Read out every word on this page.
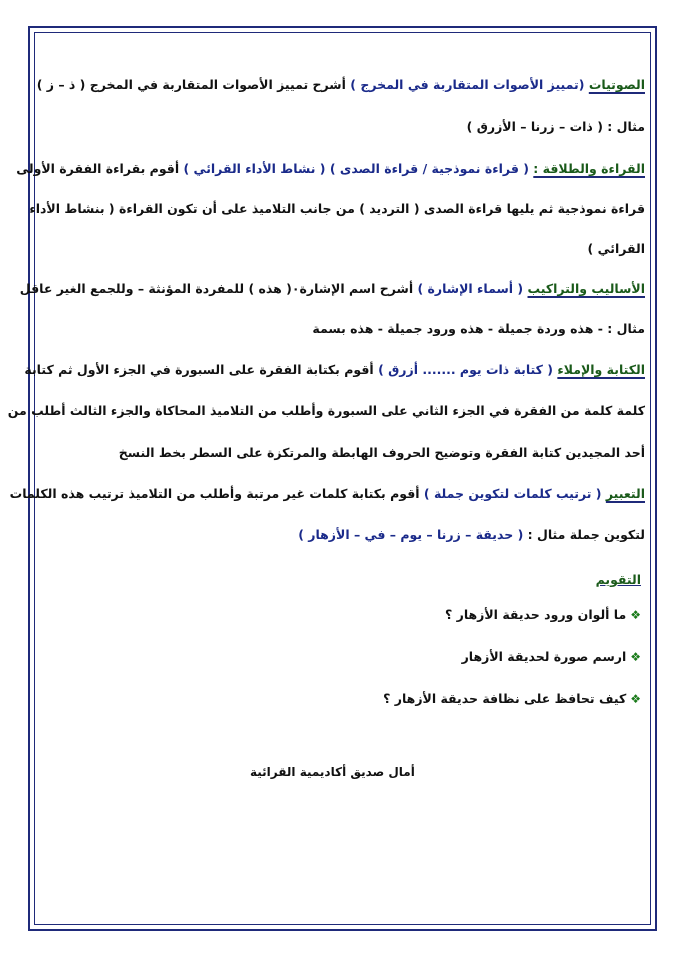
الصوتيات (تمييز الأصوات المتقاربة في المخرج ) أشرح تمييز الأصوات المتقاربة في المخرج ( ذ – ز )
مثال : ( ذات – زرنا – الأزرق )
القراءة والطلاقة : ( قراءة نموذجية / قراءة الصدى ) ( نشاط الأداء القرائي ) أقوم بقراءة الفقرة الأولى
قراءة نموذجية ثم يليها قراءة الصدى ( الترديد ) من جانب التلاميذ على أن تكون القراءة ( بنشاط الأداء
القرائي )
الأساليب والتراكيب ( أسماء الإشارة ) أشرح اسم الإشارة٠( هذه ) للمفردة المؤنثة – وللجمع الغير عاقل
مثال : - هذه وردة جميلة - هذه ورود جميلة - هذه بسمة
الكتابة والإملاء ( كتابة ذات يوم ....... أزرق ) أقوم بكتابة الفقرة على السبورة في الجزء الأول ثم كتابة
كلمة كلمة من الفقرة في الجزء الثاني على السبورة وأطلب من التلاميذ المحاكاة والجزء الثالث أطلب من
أحد المجيدين كتابة الفقرة وتوضيح الحروف الهابطة والمرتكزة على السطر بخط النسخ
التعبير ( ترتيب كلمات لتكوين جملة ) أقوم بكتابة كلمات غير مرتبة وأطلب من التلاميذ ترتيب هذه الكلمات
لتكوين جملة مثال : ( حديقة – زرنا – يوم – في – الأزهار )
التقويم
❖ما ألوان ورود حديقة الأزهار ؟
❖ارسم صورة لحديقة الأزهار
❖كيف تحافظ على نظافة حديقة الأزهار ؟
أمال صديق أكاديمية القرائية
